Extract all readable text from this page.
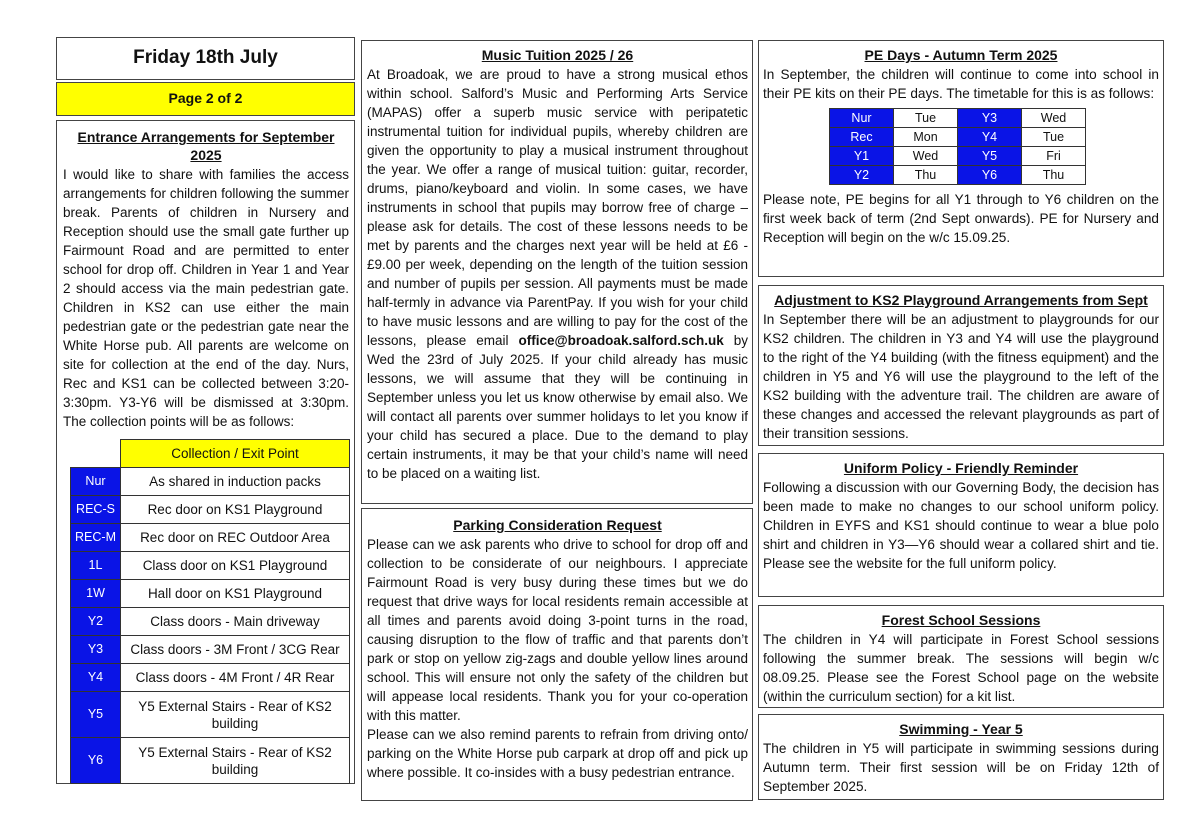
Friday 18th July
Page 2 of 2
Entrance Arrangements for September 2025
I would like to share with families the access arrangements for children following the summer break. Parents of children in Nursery and Reception should use the small gate further up Fairmount Road and are permitted to enter school for drop off. Children in Year 1 and Year 2 should access via the main pedestrian gate. Children in KS2 can use either the main pedestrian gate or the pedestrian gate near the White Horse pub. All parents are welcome on site for collection at the end of the day. Nurs, Rec and KS1 can be collected between 3:20-3:30pm. Y3-Y6 will be dismissed at 3:30pm. The collection points will be as follows:
	Collection / Exit Point
Nur	As shared in induction packs
REC-S	Rec door on KS1 Playground
REC-M	Rec door on REC Outdoor Area
1L	Class door on KS1 Playground
1W	Hall door on KS1 Playground
Y2	Class doors - Main driveway
Y3	Class doors - 3M Front / 3CG Rear
Y4	Class doors - 4M Front / 4R Rear
Y5	Y5 External Stairs - Rear of KS2 building
Y6	Y5 External Stairs - Rear of KS2 building
Music Tuition 2025 / 26
At Broadoak, we are proud to have a strong musical ethos within school. Salford’s Music and Performing Arts Service (MAPAS) offer a superb music service with peripatetic instrumental tuition for individual pupils, whereby children are given the opportunity to play a musical instrument throughout the year. We offer a range of musical tuition: guitar, recorder, drums, piano/keyboard and violin. In some cases, we have instruments in school that pupils may borrow free of charge – please ask for details. The cost of these lessons needs to be met by parents and the charges next year will be held at £6 - £9.00 per week, depending on the length of the tuition session and number of pupils per session. All payments must be made half-termly in advance via ParentPay. If you wish for your child to have music lessons and are willing to pay for the cost of the lessons, please email office@broadoak.salford.sch.uk by Wed the 23rd of July 2025. If your child already has music lessons, we will assume that they will be continuing in September unless you let us know otherwise by email also. We will contact all parents over summer holidays to let you know if your child has secured a place. Due to the demand to play certain instruments, it may be that your child’s name will need to be placed on a waiting list.
Parking Consideration Request
Please can we ask parents who drive to school for drop off and collection to be considerate of our neighbours. I appreciate Fairmount Road is very busy during these times but we do request that drive ways for local residents remain accessible at all times and parents avoid doing 3-point turns in the road, causing disruption to the flow of traffic and that parents don’t park or stop on yellow zig-zags and double yellow lines around school. This will ensure not only the safety of the children but will appease local residents. Thank you for your co-operation with this matter.
Please can we also remind parents to refrain from driving onto/ parking on the White Horse pub carpark at drop off and pick up where possible. It co-insides with a busy pedestrian entrance.
PE Days - Autumn Term 2025
In September, the children will continue to come into school in their PE kits on their PE days. The timetable for this is as follows:
Nur	Tue	Y3	Wed
Rec	Mon	Y4	Tue
Y1	Wed	Y5	Fri
Y2	Thu	Y6	Thu
Please note, PE begins for all Y1 through to Y6 children on the first week back of term (2nd Sept onwards). PE for Nursery and Reception will begin on the w/c 15.09.25.
Adjustment to KS2 Playground Arrangements from Sept
In September there will be an adjustment to playgrounds for our KS2 children. The children in Y3 and Y4 will use the playground to the right of the Y4 building (with the fitness equipment) and the children in Y5 and Y6 will use the playground to the left of the KS2 building with the adventure trail. The children are aware of these changes and accessed the relevant playgrounds as part of their transition sessions.
Uniform Policy - Friendly Reminder
Following a discussion with our Governing Body, the decision has been made to make no changes to our school uniform policy. Children in EYFS and KS1 should continue to wear a blue polo shirt and children in Y3—Y6 should wear a collared shirt and tie. Please see the website for the full uniform policy.
Forest School Sessions
The children in Y4 will participate in Forest School sessions following the summer break. The sessions will begin w/c 08.09.25. Please see the Forest School page on the website (within the curriculum section) for a kit list.
Swimming - Year 5
The children in Y5 will participate in swimming sessions during Autumn term. Their first session will be on Friday 12th of September 2025.
